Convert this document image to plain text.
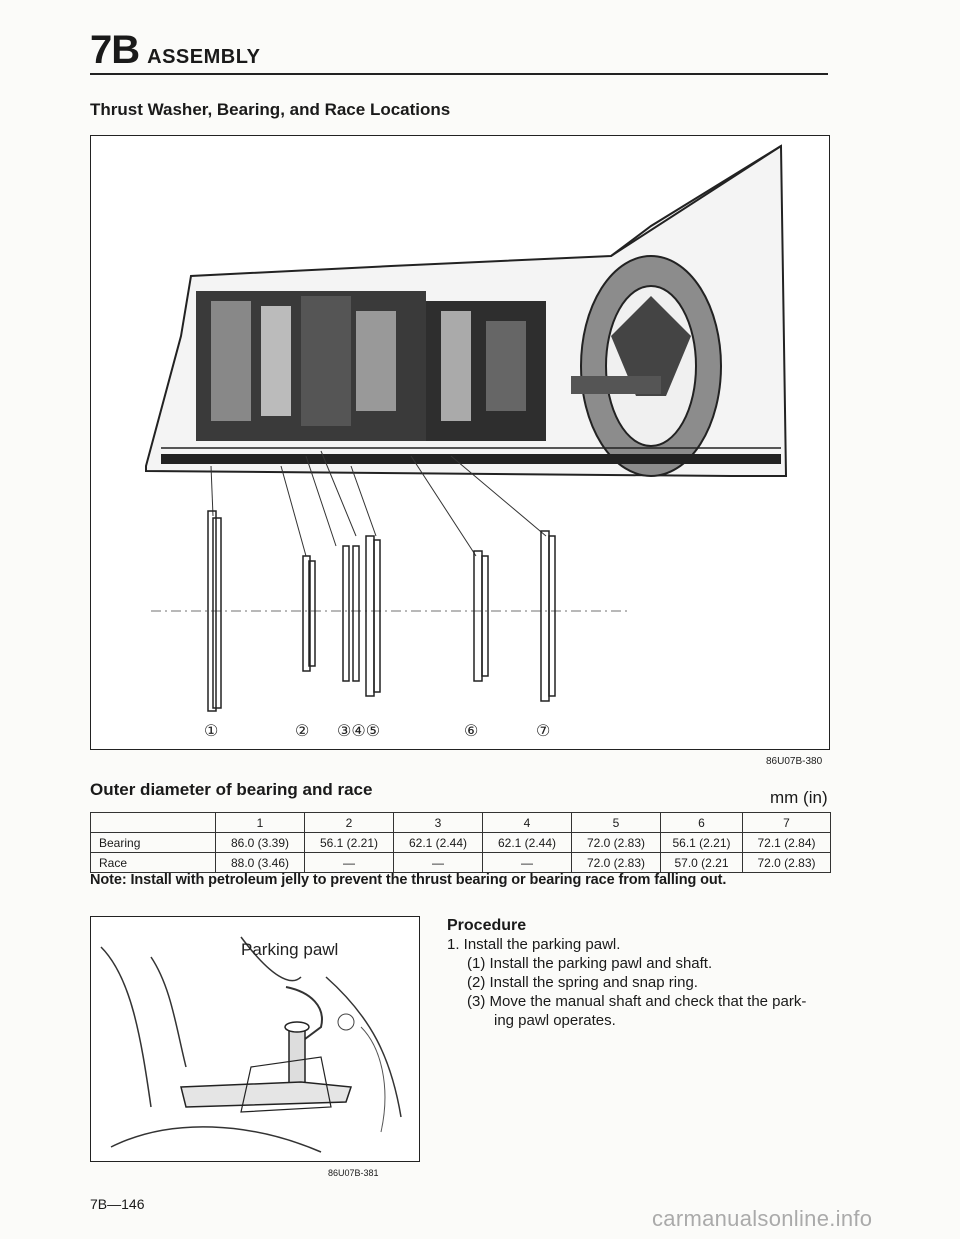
7B ASSEMBLY
Thrust Washer, Bearing, and Race Locations
①	② ③④⑤	⑥	⑦
86U07B-380
Outer diameter of bearing and race	mm (in)
	1	2	3	4	5	6	7
Bearing	86.0 (3.39)	56.1 (2.21)	62.1 (2.44)	62.1 (2.44)	72.0 (2.83)	56.1 (2.21)	72.1 (2.84)
Race	88.0 (3.46)	—	—	—	72.0 (2.83)	57.0 (2.21	72.0 (2.83)
Note: Install with petroleum jelly to prevent the thrust bearing or bearing race from falling out.
Parking pawl
86U07B-381
Procedure
1. Install the parking pawl.
(1) Install the parking pawl and shaft.
(2) Install the spring and snap ring.
(3) Move the manual shaft and check that the park-
ing pawl operates.
7B—146
carmanualsonline.info
